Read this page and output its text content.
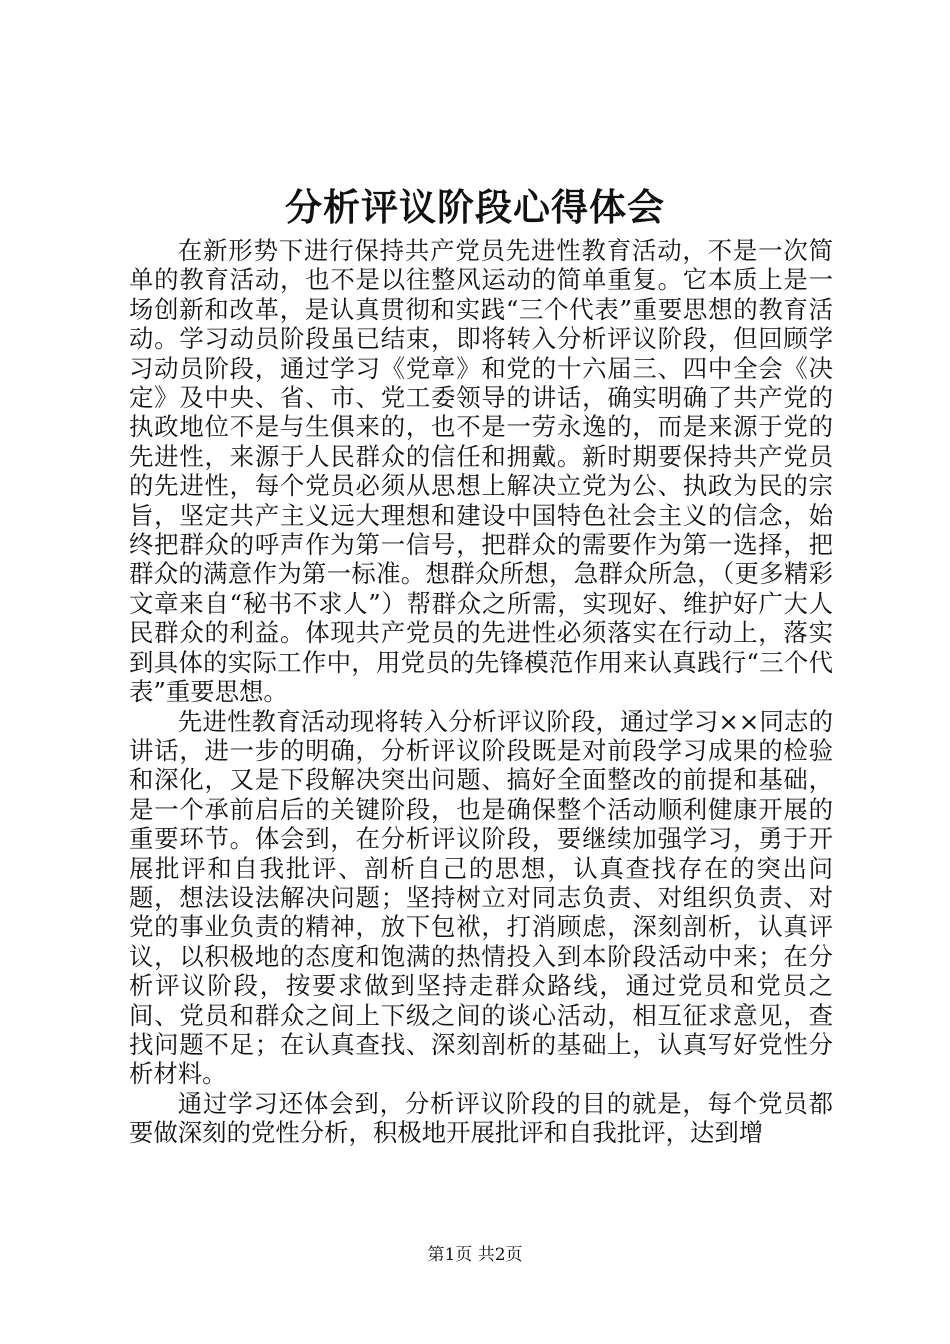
分析评议阶段心得体会

在新形势下进行保持共产党员先进性教育活动，不是一次简单的教育活动，也不是以往整风运动的简单重复。它本质上是一场创新和改革，是认真贯彻和实践“三个代表”重要思想的教育活动。学习动员阶段虽已结束，即将转入分析评议阶段，但回顾学习动员阶段，通过学习《党章》和党的十六届三、四中全会《决定》及中央、省、市、党工委领导的讲话，确实明确了共产党的执政地位不是与生俱来的，也不是一劳永逸的，而是来源于党的先进性，来源于人民群众的信任和拥戴。新时期要保持共产党员的先进性，每个党员必须从思想上解决立党为公、执政为民的宗旨，坚定共产主义远大理想和建设中国特色社会主义的信念，始终把群众的呼声作为第一信号，把群众的需要作为第一选择，把群众的满意作为第一标准。想群众所想，急群众所急，（更多精彩文章来自“秘书不求人”）帮群众之所需，实现好、维护好广大人民群众的利益。体现共产党员的先进性必须落实在行动上，落实到具体的实际工作中，用党员的先锋模范作用来认真践行“三个代表”重要思想。

先进性教育活动现将转入分析评议阶段，通过学习××同志的讲话，进一步的明确，分析评议阶段既是对前段学习成果的检验和深化，又是下段解决突出问题、搞好全面整改的前提和基础，是一个承前启后的关键阶段，也是确保整个活动顺利健康开展的重要环节。体会到，在分析评议阶段，要继续加强学习，勇于开展批评和自我批评、剖析自己的思想，认真查找存在的突出问题，想法设法解决问题；坚持树立对同志负责、对组织负责、对党的事业负责的精神，放下包袱，打消顾虑，深刻剖析，认真评议，以积极地的态度和饱满的热情投入到本阶段活动中来；在分析评议阶段，按要求做到坚持走群众路线，通过党员和党员之间、党员和群众之间上下级之间的谈心活动，相互征求意见，查找问题不足；在认真查找、深刻剖析的基础上，认真写好党性分析材料。

通过学习还体会到，分析评议阶段的目的就是，每个党员都要做深刻的党性分析，积极地开展批评和自我批评，达到增

第1页 共2页
